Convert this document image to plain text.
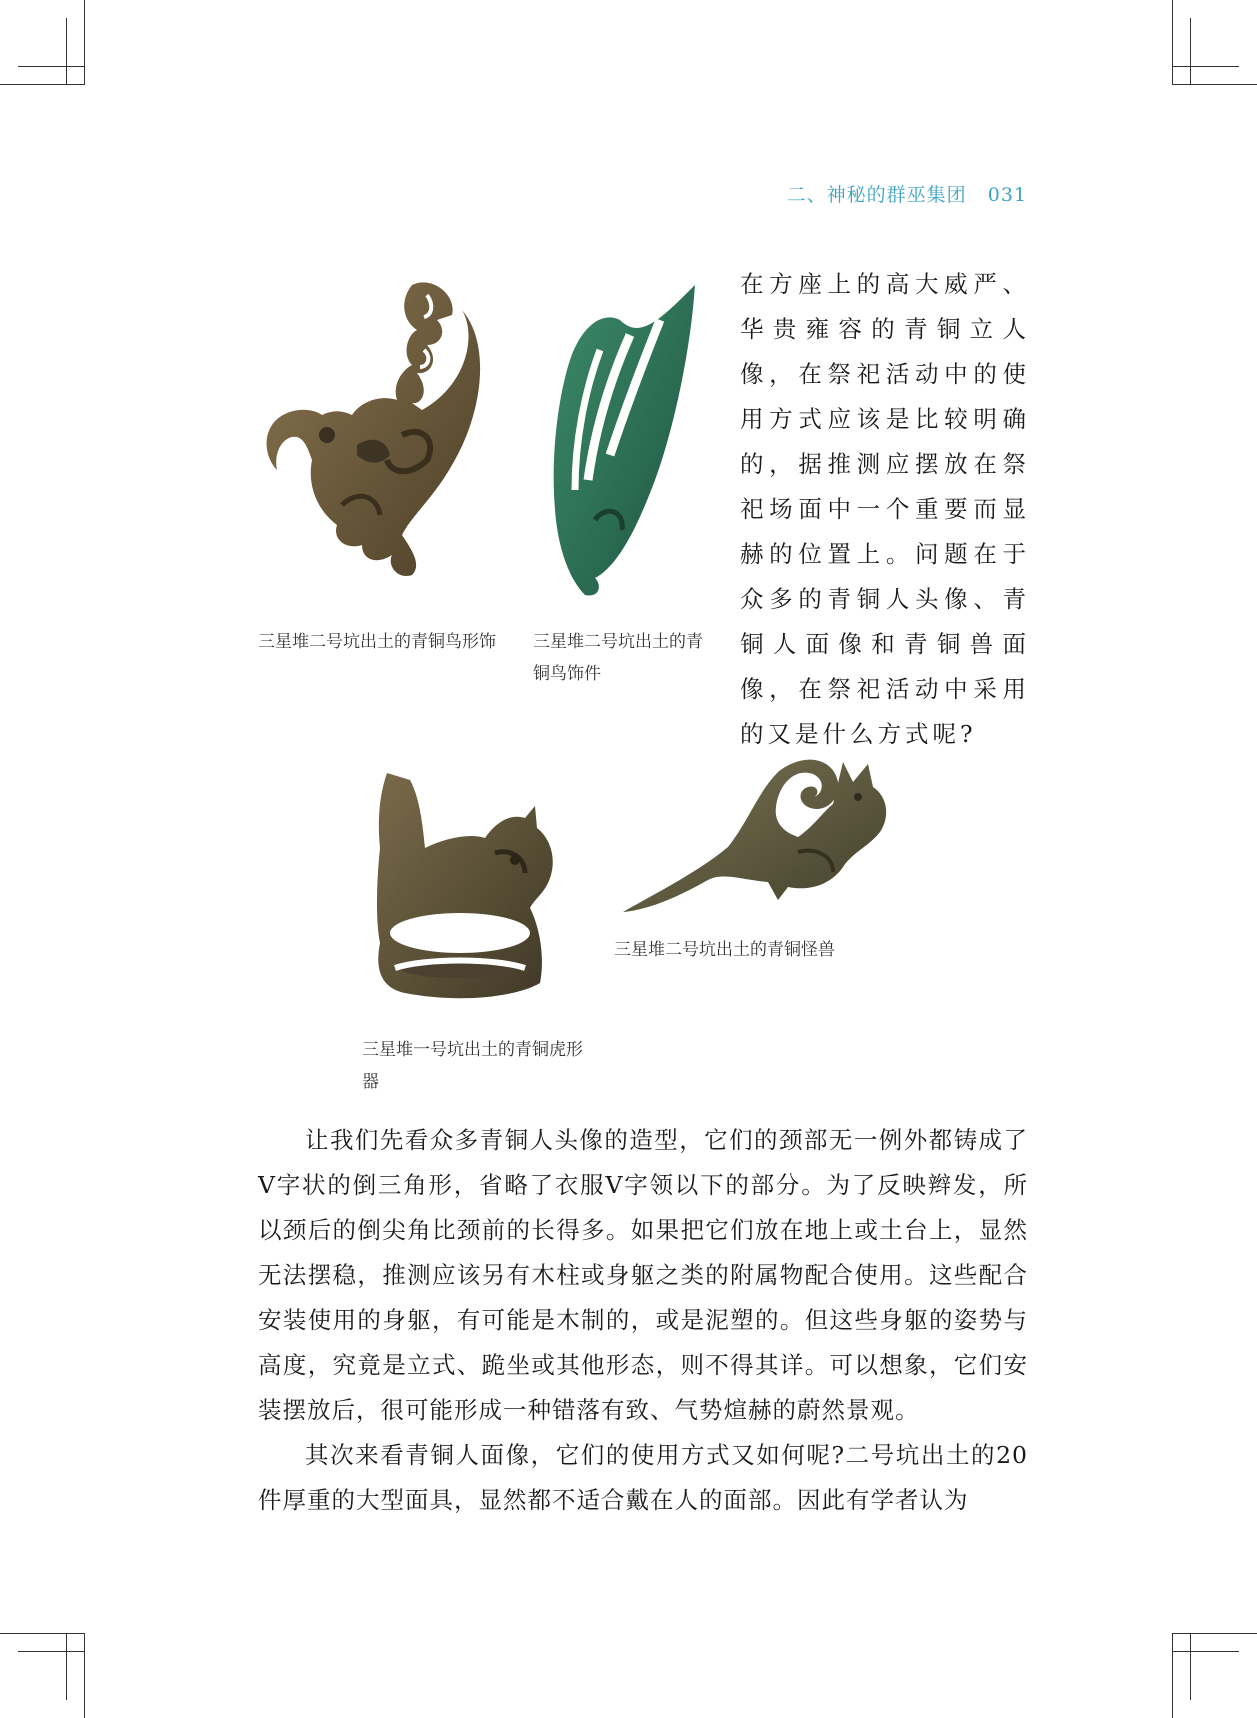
二、神秘的群巫集团 031
三星堆二号坑出土的青铜鸟形饰	三星堆二号坑出土的青铜鸟饰件

在方座上的高大威严、华贵雍容的青铜立人像，在祭祀活动中的使用方式应该是比较明确的，据推测应摆放在祭祀场面中一个重要而显赫的位置上。问题在于众多的青铜人头像、青铜人面像和青铜兽面像，在祭祀活动中采用的又是什么方式呢?

三星堆一号坑出土的青铜虎形器
三星堆二号坑出土的青铜怪兽

让我们先看众多青铜人头像的造型，它们的颈部无一例外都铸成了V字状的倒三角形，省略了衣服V字领以下的部分。为了反映辫发，所以颈后的倒尖角比颈前的长得多。如果把它们放在地上或土台上，显然无法摆稳，推测应该另有木柱或身躯之类的附属物配合使用。这些配合安装使用的身躯，有可能是木制的，或是泥塑的。但这些身躯的姿势与高度，究竟是立式、跪坐或其他形态，则不得其详。可以想象，它们安装摆放后，很可能形成一种错落有致、气势煊赫的蔚然景观。

其次来看青铜人面像，它们的使用方式又如何呢?二号坑出土的20件厚重的大型面具，显然都不适合戴在人的面部。因此有学者认为
